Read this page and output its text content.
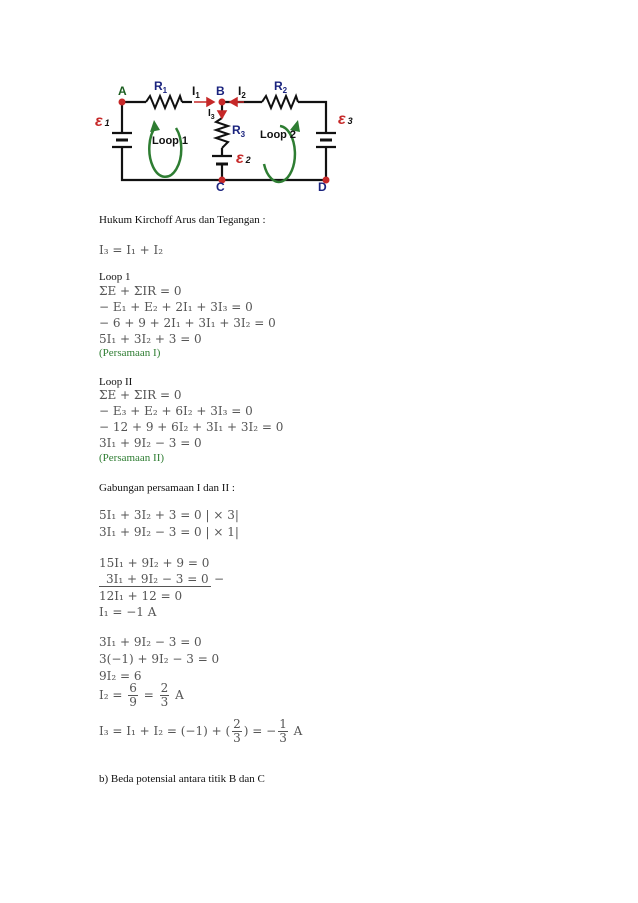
A	B
C	D
$R_1$	$R_2$
$R_3$
$I_1$	$I_2$
$I_3$
ε 1
ε 2
ε 3
Loop 1	Loop 2
Hukum Kirchoff Arus dan Tegangan :
I₃ = I₁ + I₂
Loop 1
ΣE + ΣIR = 0
− E₁ + E₂ + 2I₁ + 3I₃ = 0
− 6 + 9 + 2I₁ + 3I₁ + 3I₂ = 0
5I₁ + 3I₂ + 3 = 0
(Persamaan I)
Loop II
ΣE + ΣIR = 0
− E₃ + E₂ + 6I₂ + 3I₃ = 0
− 12 + 9 + 6I₂ + 3I₁ + 3I₂ = 0
3I₁ + 9I₂ − 3 = 0
(Persamaan II)
Gabungan persamaan I dan II :
5I₁ + 3I₂ + 3 = 0 | × 3|
3I₁ + 9I₂ − 3 = 0 | × 1|
15I₁ + 9I₂ + 9 = 0
3I₁ + 9I₂ − 3 = 0 −
12I₁ + 12 = 0
I₁ = −1 A
3I₁ + 9I₂ − 3 = 0
3(−1) + 9I₂ − 3 = 0
9I₂ = 6
$I_2 = \frac{6}{9} = \frac{2}{3}$ A
I₃ = I₁ + I₂ = (−1) + ( $\frac{2}{3}$ ) = − $\frac{1}{3}$ A
b) Beda potensial antara titik B dan C
